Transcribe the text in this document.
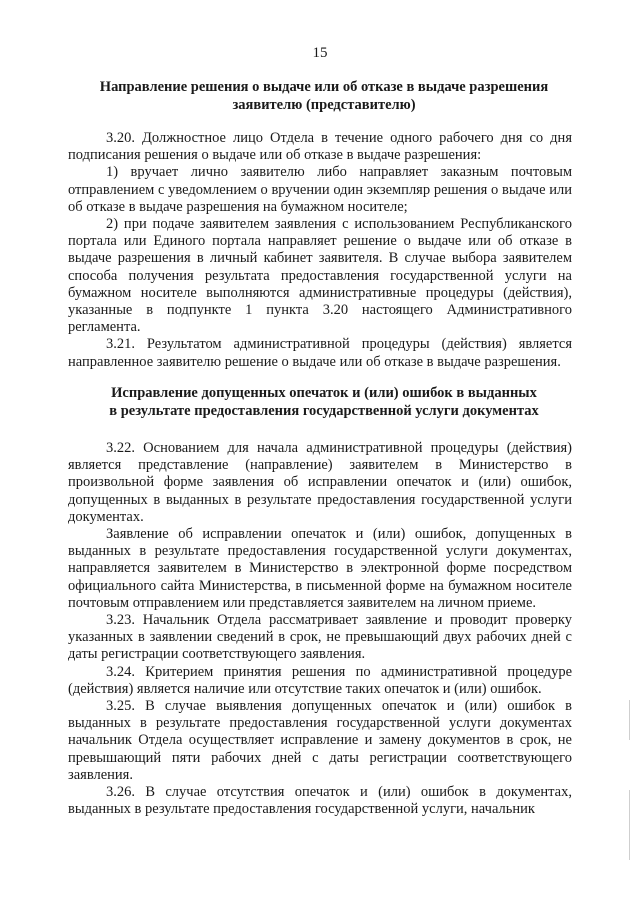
15
Направление решения о выдаче или об отказе в выдаче разрешения
заявителю (представителю)

3.20. Должностное лицо Отдела в течение одного рабочего дня со дня подписания решения о выдаче или об отказе в выдаче разрешения:

1) вручает лично заявителю либо направляет заказным почтовым отправлением с уведомлением о вручении один экземпляр решения о выдаче или об отказе в выдаче разрешения на бумажном носителе;

2) при подаче заявителем заявления с использованием Республиканского портала или Единого портала направляет решение о выдаче или об отказе в выдаче разрешения в личный кабинет заявителя. В случае выбора заявителем способа получения результата предоставления государственной услуги на бумажном носителе выполняются административные процедуры (действия), указанные в подпункте 1 пункта 3.20 настоящего Административного регламента.

3.21. Результатом административной процедуры (действия) является направленное заявителю решение о выдаче или об отказе в выдаче разрешения.

Исправление допущенных опечаток и (или) ошибок в выданных
в результате предоставления государственной услуги документах

3.22. Основанием для начала административной процедуры (действия) является представление (направление) заявителем в Министерство в произвольной форме заявления об исправлении опечаток и (или) ошибок, допущенных в выданных в результате предоставления государственной услуги документах.

Заявление об исправлении опечаток и (или) ошибок, допущенных в выданных в результате предоставления государственной услуги документах, направляется заявителем в Министерство в электронной форме посредством официального сайта Министерства, в письменной форме на бумажном носителе почтовым отправлением или представляется заявителем на личном приеме.

3.23. Начальник Отдела рассматривает заявление и проводит проверку указанных в заявлении сведений в срок, не превышающий двух рабочих дней с даты регистрации соответствующего заявления.

3.24. Критерием принятия решения по административной процедуре (действия) является наличие или отсутствие таких опечаток и (или) ошибок.

3.25. В случае выявления допущенных опечаток и (или) ошибок в выданных в результате предоставления государственной услуги документах начальник Отдела осуществляет исправление и замену документов в срок, не превышающий пяти рабочих дней с даты регистрации соответствующего заявления.

3.26. В случае отсутствия опечаток и (или) ошибок в документах, выданных в результате предоставления государственной услуги, начальник
